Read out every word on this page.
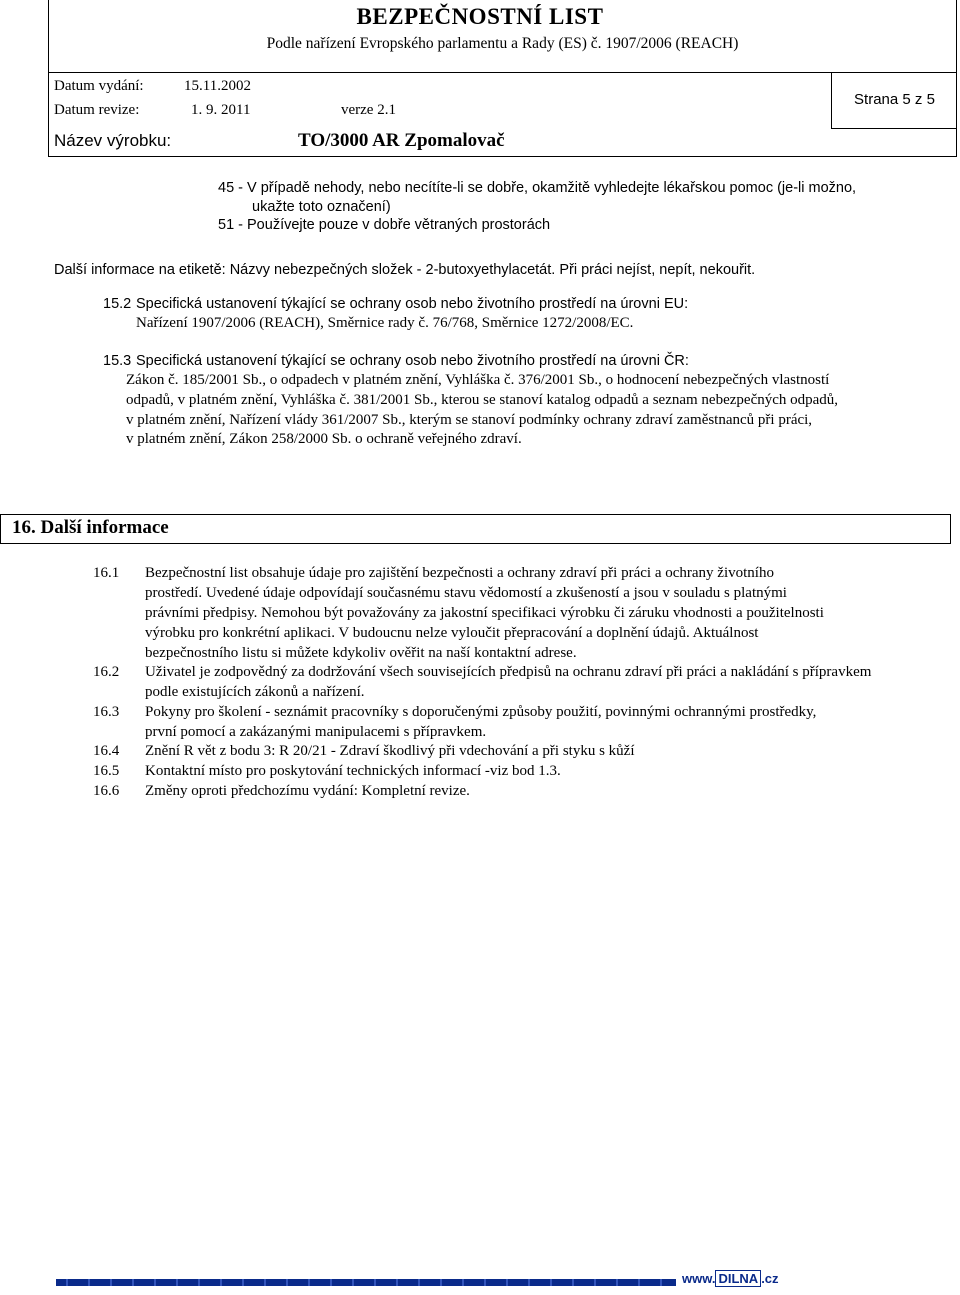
BEZPEČNOSTNÍ LIST
Podle nařízení Evropského parlamentu a Rady (ES) č. 1907/2006 (REACH)
Datum vydání:	15.11.2002
Datum revize:	1. 9. 2011	verze 2.1
Strana 5 z 5
Název výrobku:	TO/3000 AR Zpomalovač
45 - V případě nehody, nebo necítíte-li se dobře, okamžitě vyhledejte lékařskou pomoc (je-li možno,
ukažte toto označení)
51 - Používejte pouze v dobře větraných prostorách
Další informace na etiketě: Názvy nebezpečných složek - 2-butoxyethylacetát. Při práci nejíst, nepít, nekouřit.
15.2 Specifická ustanovení týkající se ochrany osob nebo životního prostředí na úrovni EU:
Nařízení 1907/2006 (REACH), Směrnice rady č. 76/768, Směrnice 1272/2008/EC.
15.3 Specifická ustanovení týkající se ochrany osob nebo životního prostředí na úrovni ČR:
Zákon č. 185/2001 Sb., o odpadech v platném znění, Vyhláška č. 376/2001 Sb., o hodnocení nebezpečných vlastností
odpadů, v platném znění, Vyhláška č. 381/2001 Sb., kterou se stanoví katalog odpadů a seznam nebezpečných odpadů,
v platném znění, Nařízení vlády 361/2007 Sb., kterým se stanoví podmínky ochrany zdraví zaměstnanců při práci,
v platném znění, Zákon 258/2000 Sb. o ochraně veřejného zdraví.
16. Další informace
16.1 Bezpečnostní list obsahuje údaje pro zajištění bezpečnosti a ochrany zdraví při práci a ochrany životního
prostředí. Uvedené údaje odpovídají současnému stavu vědomostí a zkušeností a jsou v souladu s platnými
právními předpisy. Nemohou být považovány za jakostní specifikaci výrobku či záruku vhodnosti a použitelnosti
výrobku pro konkrétní aplikaci. V budoucnu nelze vyloučit přepracování a doplnění údajů. Aktuálnost
bezpečnostního listu si můžete kdykoliv ověřit na naší kontaktní adrese.
16.2 Uživatel je zodpovědný za dodržování všech souvisejících předpisů na ochranu zdraví při práci a nakládání s přípravkem
podle existujících zákonů a nařízení.
16.3 Pokyny pro školení - seznámit pracovníky s doporučenými způsoby použití, povinnými ochrannými prostředky,
první pomocí a zakázanými manipulacemi s přípravkem.
16.4 Znění R vět z bodu 3: R 20/21 - Zdraví škodlivý při vdechování a při styku s kůží
16.5 Kontaktní místo pro poskytování technických informací -viz bod 1.3.
16.6 Změny oproti předchozímu vydání: Kompletní revize.
www. DILNA .cz
